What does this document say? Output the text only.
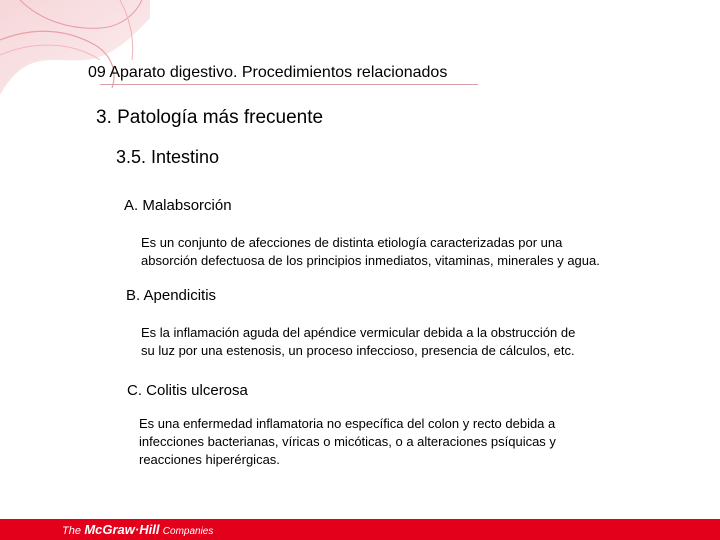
09 Aparato digestivo. Procedimientos relacionados
3. Patología más frecuente
3.5. Intestino
A. Malabsorción
Es un conjunto de afecciones de distinta etiología caracterizadas por una
absorción defectuosa de los principios inmediatos, vitaminas, minerales y agua.
B. Apendicitis
Es la inflamación aguda del apéndice vermicular debida a la obstrucción de
su luz por una estenosis, un proceso infeccioso, presencia de cálculos, etc.
C. Colitis ulcerosa
Es una enfermedad inflamatoria no específica del colon y recto debida a
infecciones bacterianas, víricas o micóticas, o a alteraciones psíquicas y
reacciones hiperérgicas.
The McGraw·Hill Companies
